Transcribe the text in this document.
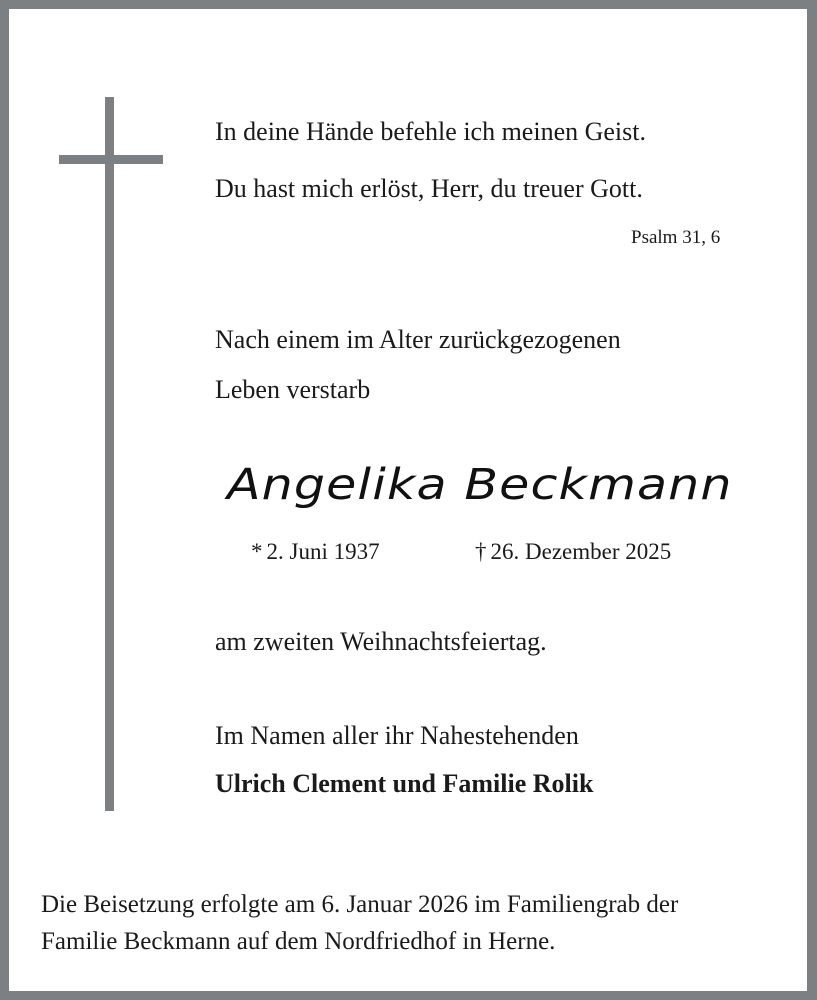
In deine Hände befehle ich meinen Geist.

Du hast mich erlöst, Herr, du treuer Gott.

Psalm 31, 6

Nach einem im Alter zurückgezogenen

Leben verstarb

Angelika Beckmann

* 2. Juni 1937	† 26. Dezember 2025

am zweiten Weihnachtsfeiertag.

Im Namen aller ihr Nahestehenden

Ulrich Clement und Familie Rolik

Die Beisetzung erfolgte am 6. Januar 2026 im Familiengrab der

Familie Beckmann auf dem Nordfriedhof in Herne.
